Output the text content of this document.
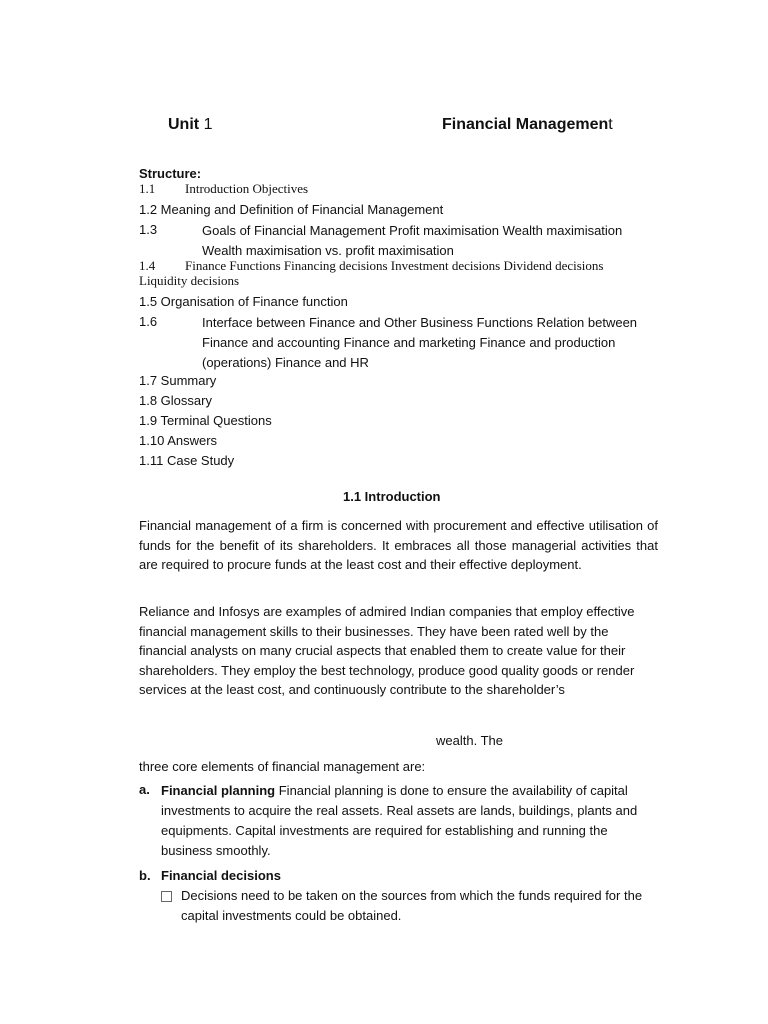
Unit 1	Financial Management
Structure:
1.1 Introduction Objectives
1.2 Meaning and Definition of Financial Management
1.3	Goals of Financial Management Profit maximisation Wealth maximisation Wealth maximisation vs. profit maximisation
1.4	Finance Functions Financing decisions Investment decisions Dividend decisions Liquidity decisions
1.5 Organisation of Finance function
1.6	Interface between Finance and Other Business Functions Relation between Finance and accounting Finance and marketing Finance and production (operations) Finance and HR
1.7 Summary
1.8 Glossary
1.9 Terminal Questions
1.10 Answers
1.11 Case Study
1.1 Introduction
Financial management of a firm is concerned with procurement and effective utilisation of funds for the benefit of its shareholders. It embraces all those managerial activities that are required to procure funds at the least cost and their effective deployment.
Reliance and Infosys are examples of admired Indian companies that employ effective financial management skills to their businesses. They have been rated well by the financial analysts on many crucial aspects that enabled them to create value for their shareholders. They employ the best technology, produce good quality goods or render services at the least cost, and continuously contribute to the shareholder’s
wealth. The
three core elements of financial management are:
a. Financial planning Financial planning is done to ensure the availability of capital investments to acquire the real assets. Real assets are lands, buildings, plants and equipments. Capital investments are required for establishing and running the business smoothly.
b. Financial decisions
Decisions need to be taken on the sources from which the funds required for the capital investments could be obtained.
